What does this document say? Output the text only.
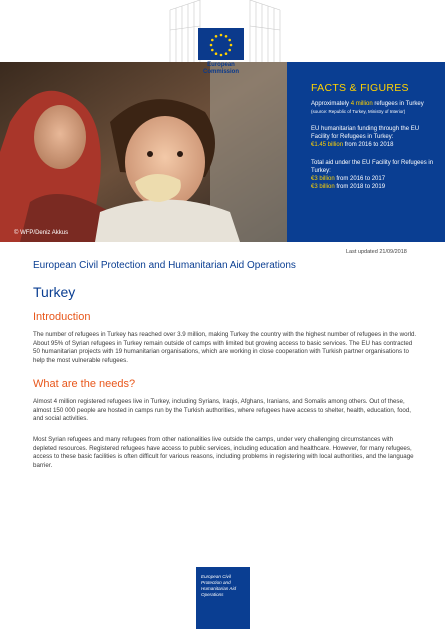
European Commission
© WFP/Deniz Akkus
FACTS & FIGURES
Approximately 4 million refugees in Turkey
(source: Republic of Turkey, Ministry of Interior)
EU humanitarian funding through the EU Facility for Refugees in Turkey:
€1.45 billion from 2016 to 2018
Total aid under the EU Facility for Refugees in Turkey:
€3 billion from 2016 to 2017
€3 billion from 2018 to 2019
Last updated 21/09/2018
European Civil Protection and Humanitarian Aid Operations
Turkey
Introduction
The number of refugees in Turkey has reached over 3.9 million, making Turkey the country with the highest number of refugees in the world. About 95% of Syrian refugees in Turkey remain outside of camps with limited but growing access to basic services. The EU has contracted 50 humanitarian projects with 19 humanitarian organisations, which are working in close cooperation with Turkish partner organisations to help the most vulnerable refugees.
What are the needs?
Almost 4 million registered refugees live in Turkey, including Syrians, Iraqis, Afghans, Iranians, and Somalis among others. Out of these, almost 150 000 people are hosted in camps run by the Turkish authorities, where refugees have access to shelter, health, education, food, and social activities.
Most Syrian refugees and many refugees from other nationalities live outside the camps, under very challenging circumstances with depleted resources. Registered refugees have access to public services, including education and healthcare. However, for many refugees, access to these basic facilities is often difficult for various reasons, including problems in registering with local authorities, and the language barrier.
European Civil Protection and Humanitarian Aid Operations
